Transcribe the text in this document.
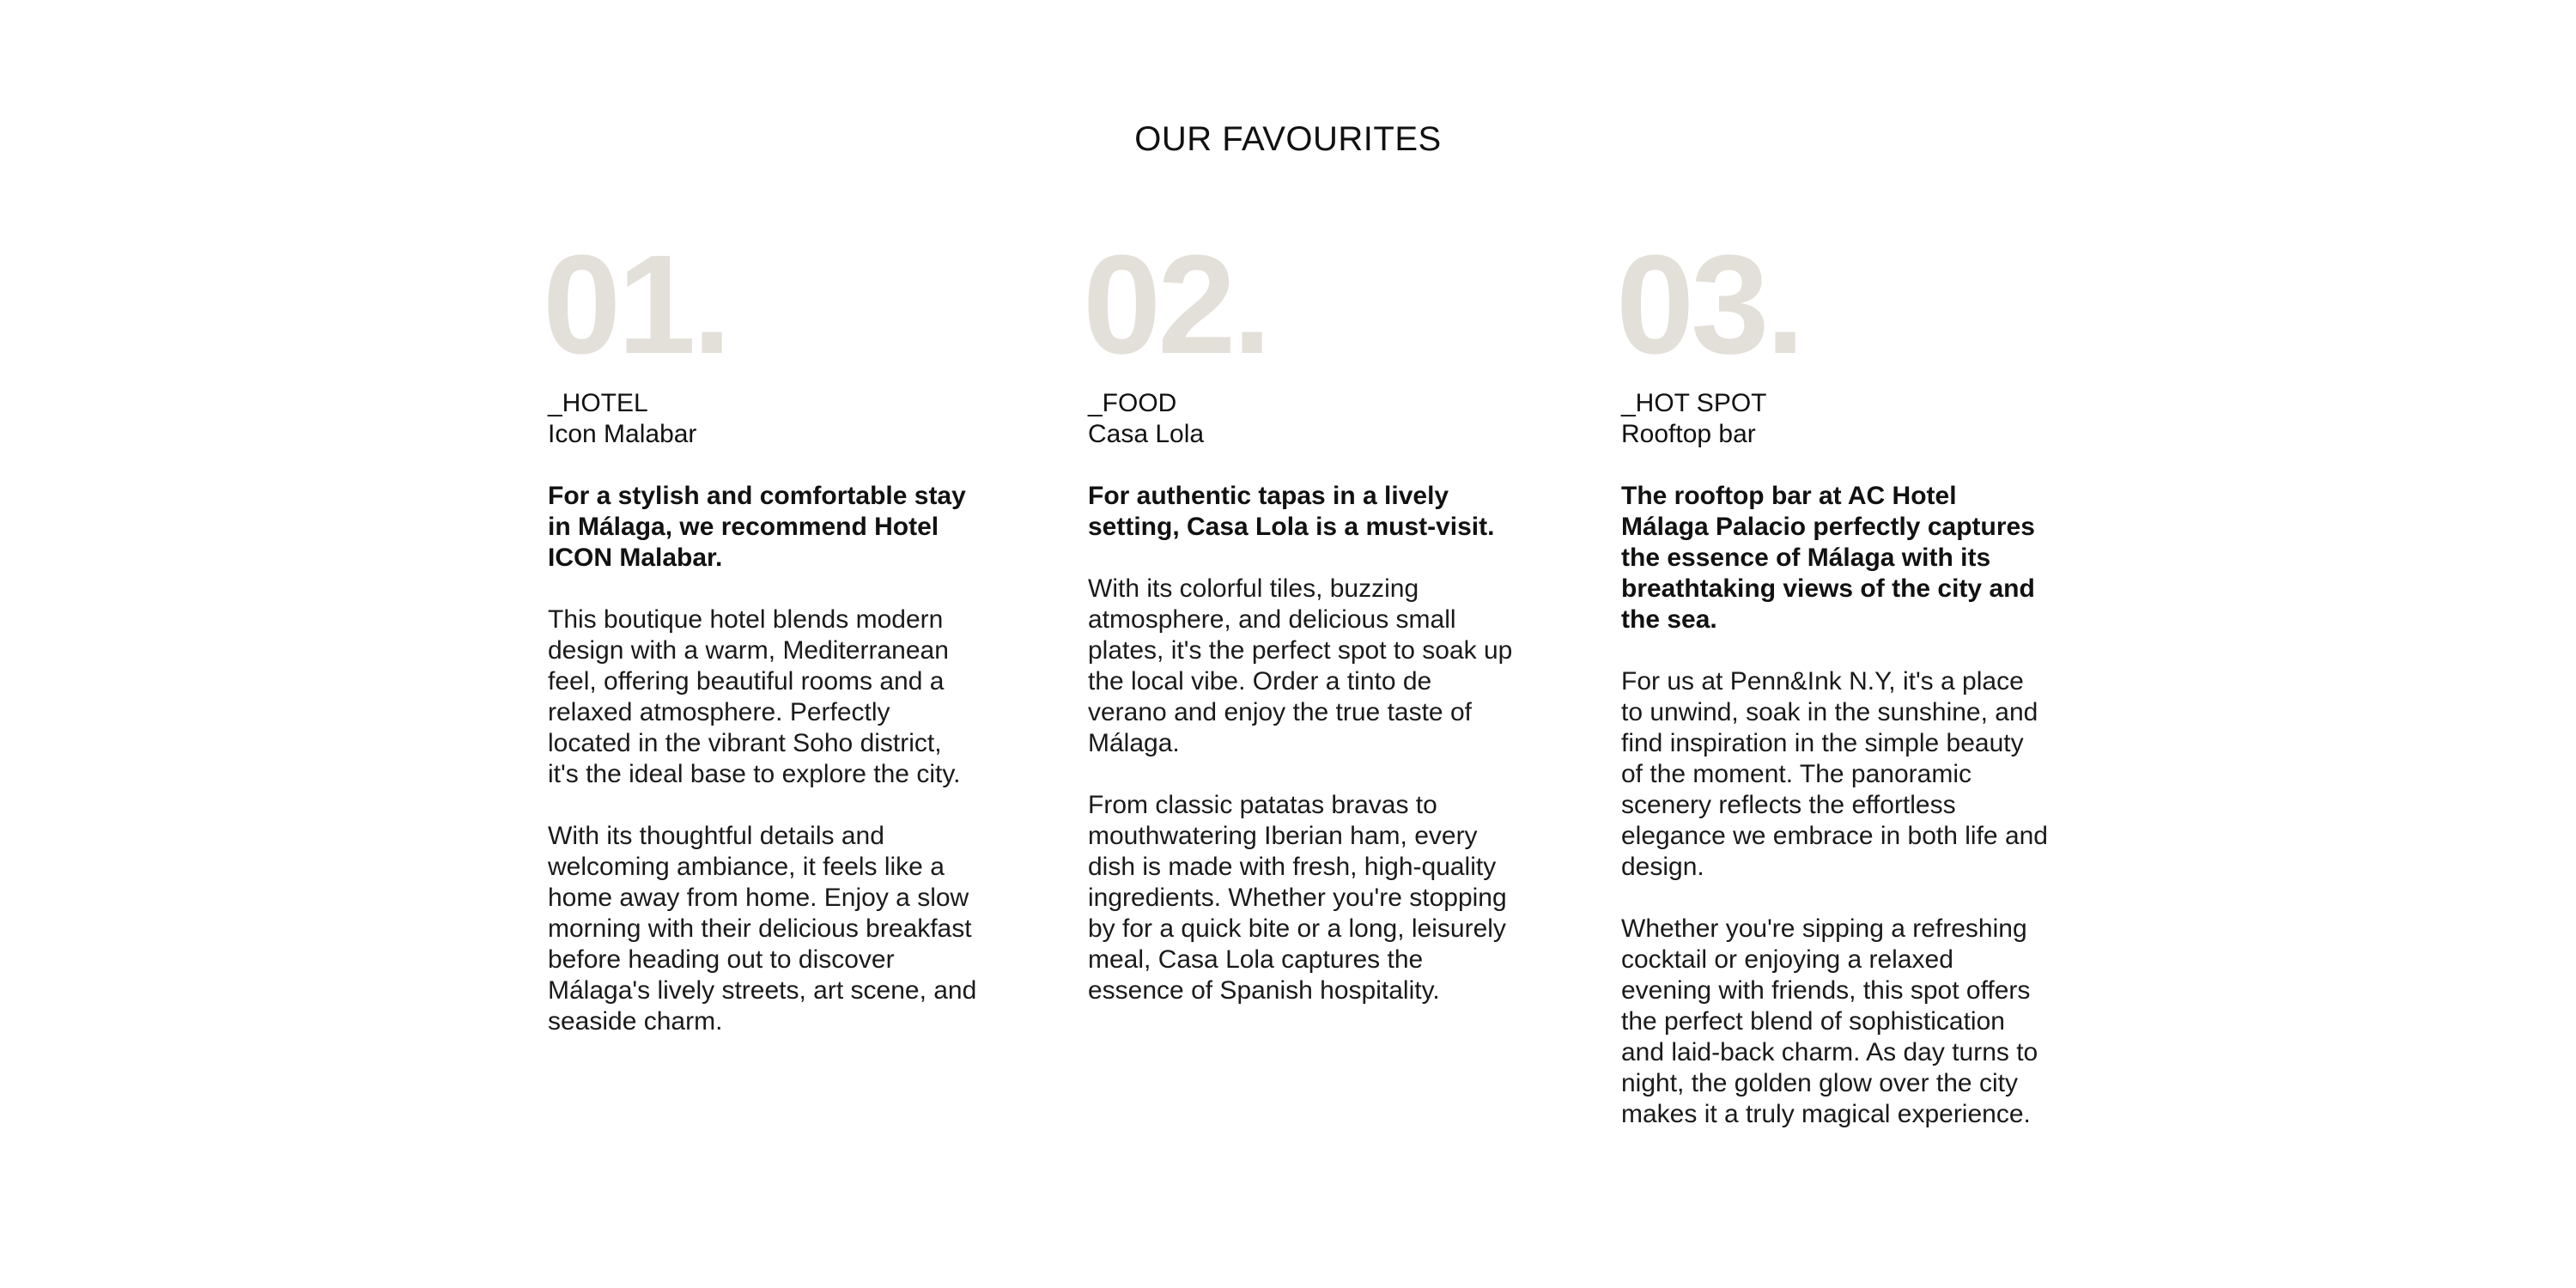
OUR FAVOURITES
01.

_HOTEL

Icon Malabar

For a stylish and comfortable stay in Málaga, we recommend Hotel ICON Malabar.

This boutique hotel blends modern design with a warm, Mediterranean feel, offering beautiful rooms and a relaxed atmosphere. Perfectly located in the vibrant Soho district, it's the ideal base to explore the city.

With its thoughtful details and welcoming ambiance, it feels like a home away from home. Enjoy a slow morning with their delicious breakfast before heading out to discover Málaga's lively streets, art scene, and seaside charm.

02.

_FOOD

Casa Lola

For authentic tapas in a lively setting, Casa Lola is a must-visit.

With its colorful tiles, buzzing atmosphere, and delicious small plates, it's the perfect spot to soak up the local vibe. Order a tinto de verano and enjoy the true taste of Málaga.

From classic patatas bravas to mouthwatering Iberian ham, every dish is made with fresh, high-quality ingredients. Whether you're stopping by for a quick bite or a long, leisurely meal, Casa Lola captures the essence of Spanish hospitality.

03.

_HOT SPOT

Rooftop bar

The rooftop bar at AC Hotel Málaga Palacio perfectly captures the essence of Málaga with its breathtaking views of the city and the sea.

For us at Penn&Ink N.Y, it's a place to unwind, soak in the sunshine, and find inspiration in the simple beauty of the moment. The panoramic scenery reflects the effortless elegance we embrace in both life and design.

Whether you're sipping a refreshing cocktail or enjoying a relaxed evening with friends, this spot offers the perfect blend of sophistication and laid-back charm. As day turns to night, the golden glow over the city makes it a truly magical experience.
